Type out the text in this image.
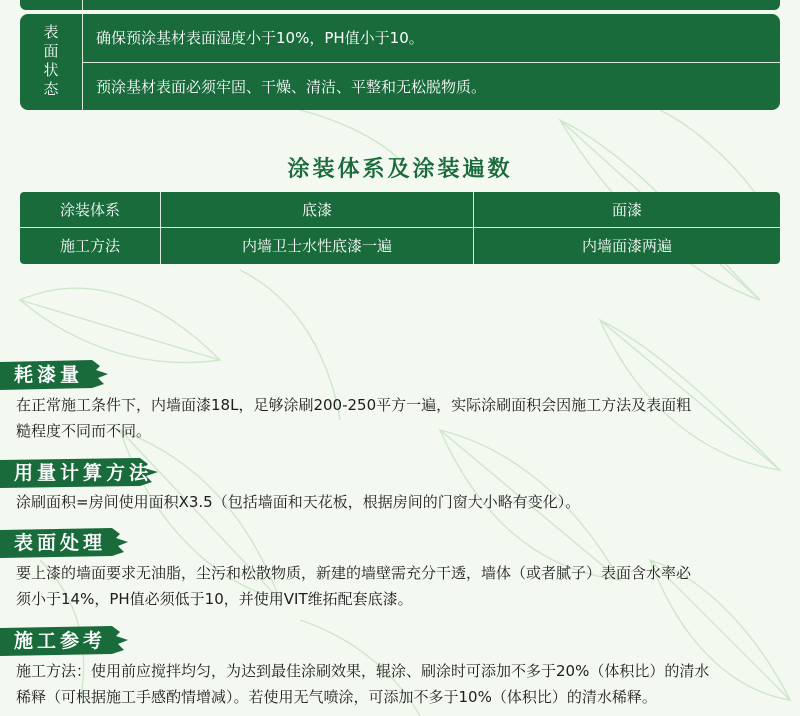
表面状态 确保预涂基材表面湿度小于10%，PH值小于10。
预涂基材表面必须牢固、干燥、清洁、平整和无松脱物质。
涂装体系及涂装遍数
涂装体系	底漆	面漆
施工方法	内墙卫士水性底漆一遍	内墙面漆两遍
耗漆量
在正常施工条件下，内墙面漆18L，足够涂刷200-250平方一遍，实际涂刷面积会因施工方法及表面粗
糙程度不同而不同。
用量计算方法
涂刷面积=房间使用面积X3.5（包括墙面和天花板，根据房间的门窗大小略有变化）。
表面处理
要上漆的墙面要求无油脂，尘污和松散物质，新建的墙壁需充分干透，墙体（或者腻子）表面含水率必
须小于14%，PH值必须低于10，并使用VIT维拓配套底漆。
施工参考
施工方法：使用前应搅拌均匀，为达到最佳涂刷效果，辊涂、刷涂时可添加不多于20%（体积比）的清水
稀释（可根据施工手感酌情增减）。若使用无气喷涂，可添加不多于10%（体积比）的清水稀释。
